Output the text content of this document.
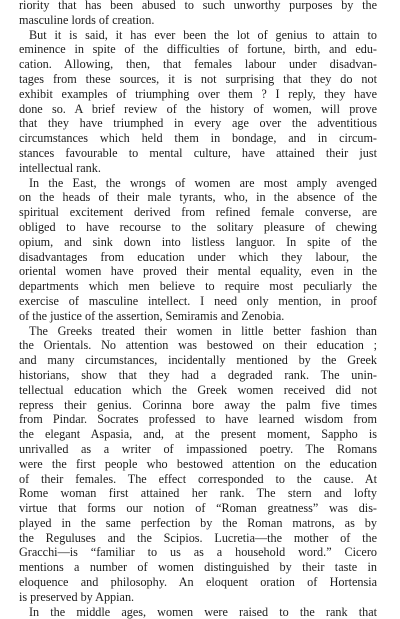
riority that has been abused to such unworthy purposes by the
masculine lords of creation.
But it is said, it has ever been the lot of genius to attain to
eminence in spite of the difficulties of fortune, birth, and edu-
cation. Allowing, then, that females labour under disadvan-
tages from these sources, it is not surprising that they do not
exhibit examples of triumphing over them ? I reply, they have
done so. A brief review of the history of women, will prove
that they have triumphed in every age over the adventitious
circumstances which held them in bondage, and in circum-
stances favourable to mental culture, have attained their just
intellectual rank.
In the East, the wrongs of women are most amply avenged
on the heads of their male tyrants, who, in the absence of the
spiritual excitement derived from refined female converse, are
obliged to have recourse to the solitary pleasure of chewing
opium, and sink down into listless languor. In spite of the
disadvantages from education under which they labour, the
oriental women have proved their mental equality, even in the
departments which men believe to require most peculiarly the
exercise of masculine intellect. I need only mention, in proof
of the justice of the assertion, Semiramis and Zenobia.
The Greeks treated their women in little better fashion than
the Orientals. No attention was bestowed on their education ;
and many circumstances, incidentally mentioned by the Greek
historians, show that they had a degraded rank. The unin-
tellectual education which the Greek women received did not
repress their genius. Corinna bore away the palm five times
from Pindar. Socrates professed to have learned wisdom from
the elegant Aspasia, and, at the present moment, Sappho is
unrivalled as a writer of impassioned poetry. The Romans
were the first people who bestowed attention on the education
of their females. The effect corresponded to the cause. At
Rome woman first attained her rank. The stern and lofty
virtue that forms our notion of “Roman greatness” was dis-
played in the same perfection by the Roman matrons, as by
the Reguluses and the Scipios. Lucretia—the mother of the
Gracchi—is “familiar to us as a household word.” Cicero
mentions a number of women distinguished by their taste in
eloquence and philosophy. An eloquent oration of Hortensia
is preserved by Appian.
In the middle ages, women were raised to the rank that
